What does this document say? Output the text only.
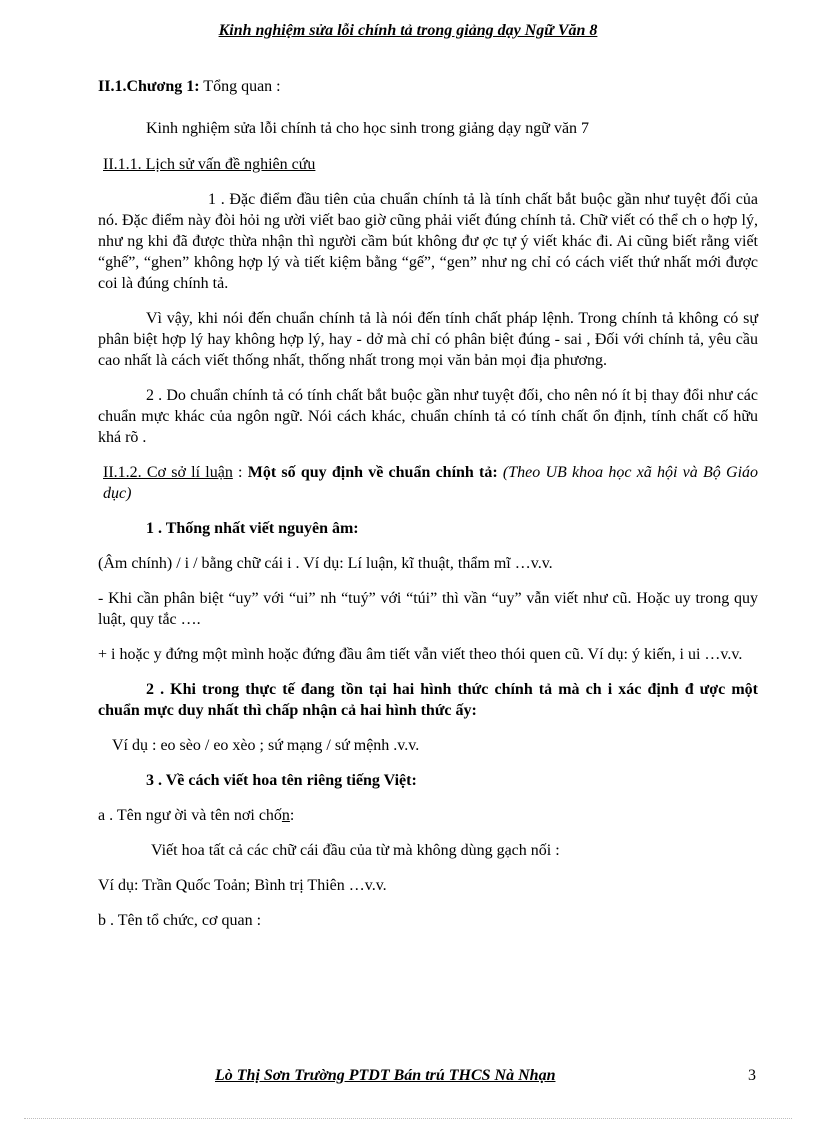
Kinh nghiệm sửa lỗi chính tả trong giảng dạy Ngữ Văn 8

II.1.Chương 1: Tổng quan :

Kinh nghiệm sửa lỗi chính tả cho học sinh trong giảng dạy ngữ văn 7

II.1.1. Lịch sử vấn đề nghiên cứu

1 . Đặc điểm đầu tiên của chuẩn chính tả là tính chất bắt buộc gần như tuyệt đối của nó. Đặc điểm này đòi hỏi ng ười viết bao giờ cũng phải viết đúng chính tả. Chữ viết có thể ch o hợp lý, như ng khi đã được thừa nhận thì người cầm bút không đư ợc tự ý viết khác đi. Ai cũng biết rằng viết “ghế”, “ghen” không hợp lý và tiết kiệm bằng “gế”, “gen” như ng chỉ có cách viết thứ nhất mới được coi là đúng chính tả.

Vì vậy, khi nói đến chuẩn chính tả là nói đến tính chất pháp lệnh. Trong chính tả không có sự phân biệt hợp lý hay không hợp lý, hay - dở mà chỉ có phân biệt đúng - sai , Đối với chính tả, yêu cầu cao nhất là cách viết thống nhất, thống nhất trong mọi văn bản mọi địa phương.

2 . Do chuẩn chính tả có tính chất bắt buộc gần như tuyệt đối, cho nên nó ít bị thay đổi như các chuẩn mực khác của ngôn ngữ. Nói cách khác, chuẩn chính tả có tính chất ổn định, tính chất cố hữu khá rõ .

II.1.2. Cơ sở lí luận : Một số quy định về chuẩn chính tả: (Theo UB khoa học xã hội và Bộ Giáo dục)

1 . Thống nhất viết nguyên âm:

(Âm chính) / i / bằng chữ cái i . Ví dụ: Lí luận, kĩ thuật, thẩm mĩ …v.v.

- Khi cần phân biệt “uy” với “ui” nh “tuý” với “túi” thì vần “uy” vẫn viết như cũ. Hoặc uy trong quy luật, quy tắc ….

+ i hoặc y đứng một mình hoặc đứng đầu âm tiết vẫn viết theo thói quen cũ. Ví dụ: ý kiến, i ui …v.v.

2 . Khi trong thực tế đang tồn tại hai hình thức chính tả mà ch i xác định đ ược một chuẩn mực duy nhất thì chấp nhận cả hai hình thức ấy:

Ví dụ : eo sèo / eo xèo ; sứ mạng / sứ mệnh .v.v.

3 . Về cách viết hoa tên riêng tiếng Việt:

a . Tên ngư ời và tên nơi chốn:

Viết hoa tất cả các chữ cái đầu của từ mà không dùng gạch nối :

Ví dụ: Trần Quốc Toản; Bình trị Thiên …v.v.

b . Tên tổ chức, cơ quan :

Lò Thị Sơn Trường PTDT Bán trú THCS Nà Nhạn	3
